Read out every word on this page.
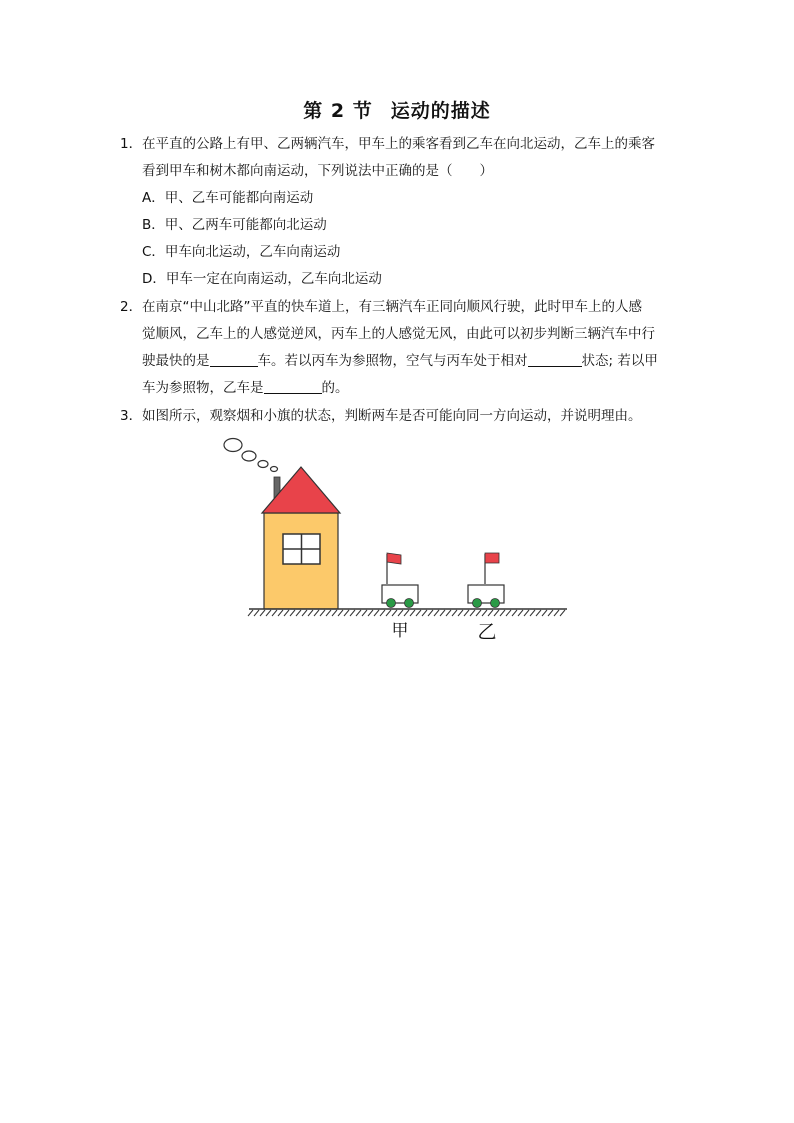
第 2 节 运动的描述
1． 在平直的公路上有甲、乙两辆汽车，甲车上的乘客看到乙车在向北运动，乙车上的乘客
看到甲车和树木都向南运动，下列说法中正确的是（　　）
A．甲、乙车可能都向南运动
B．甲、乙两车可能都向北运动
C．甲车向北运动，乙车向南运动
D．甲车一定在向南运动，乙车向北运动
2． 在南京“中山北路”平直的快车道上，有三辆汽车正同向顺风行驶，此时甲车上的人感
觉顺风，乙车上的人感觉逆风，丙车上的人感觉无风，由此可以初步判断三辆汽车中行
驶最快的是	车。若以丙车为参照物，空气与丙车处于相对	状态; 若以甲
车为参照物，乙车是	的。
3． 如图所示，观察烟和小旗的状态，判断两车是否可能向同一方向运动，并说明理由。
甲	乙
